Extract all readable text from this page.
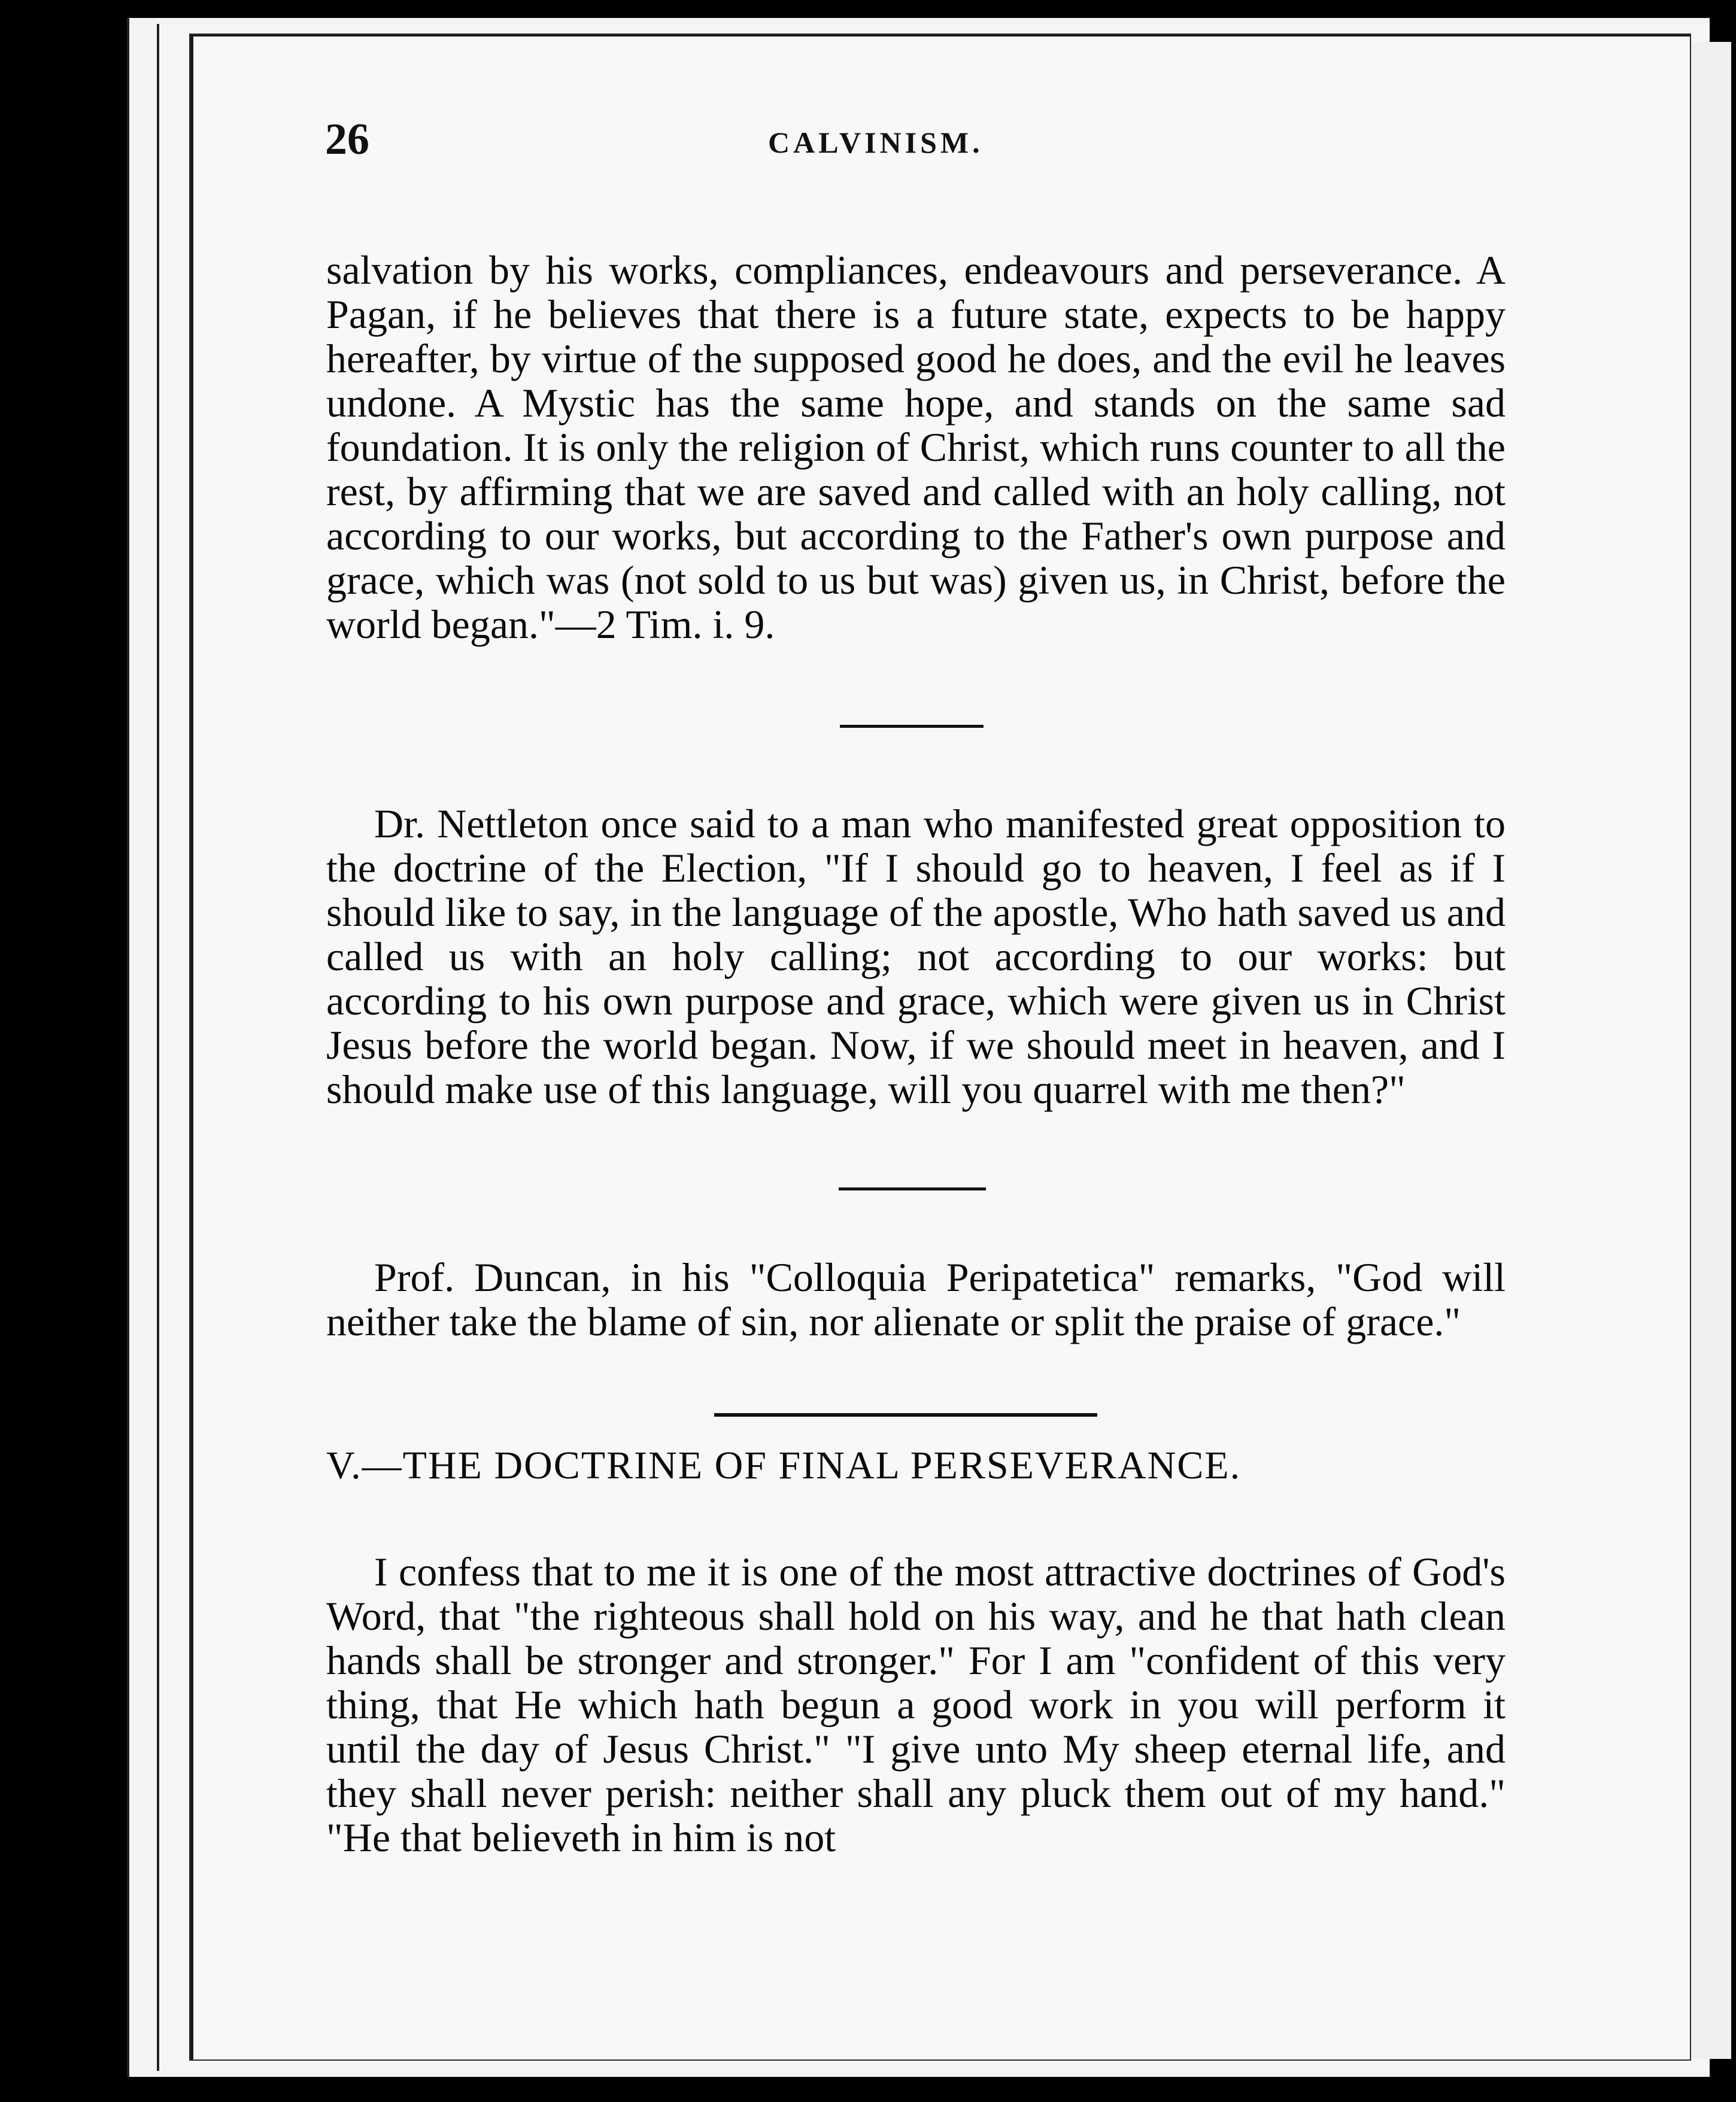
26	CALVINISM.

salvation by his works, compliances, endeavours and perseverance. A Pagan, if he believes that there is a future state, expects to be happy hereafter, by virtue of the supposed good he does, and the evil he leaves undone. A Mystic has the same hope, and stands on the same sad foundation. It is only the religion of Christ, which runs counter to all the rest, by affirming that we are saved and called with an holy calling, not according to our works, but according to the Father's own purpose and grace, which was (not sold to us but was) given us, in Christ, before the world began."—2 Tim. i. 9.

Dr. Nettleton once said to a man who manifested great opposition to the doctrine of the Election, "If I should go to heaven, I feel as if I should like to say, in the language of the apostle, Who hath saved us and called us with an holy calling; not according to our works: but according to his own purpose and grace, which were given us in Christ Jesus before the world began. Now, if we should meet in heaven, and I should make use of this language, will you quarrel with me then?"

Prof. Duncan, in his "Colloquia Peripatetica" remarks, "God will neither take the blame of sin, nor alienate or split the praise of grace."

V.—THE DOCTRINE OF FINAL PERSEVERANCE.

I confess that to me it is one of the most attractive doctrines of God's Word, that "the righteous shall hold on his way, and he that hath clean hands shall be stronger and stronger." For I am "confident of this very thing, that He which hath begun a good work in you will perform it until the day of Jesus Christ." "I give unto My sheep eternal life, and they shall never perish: neither shall any pluck them out of my hand." "He that believeth in him is not
